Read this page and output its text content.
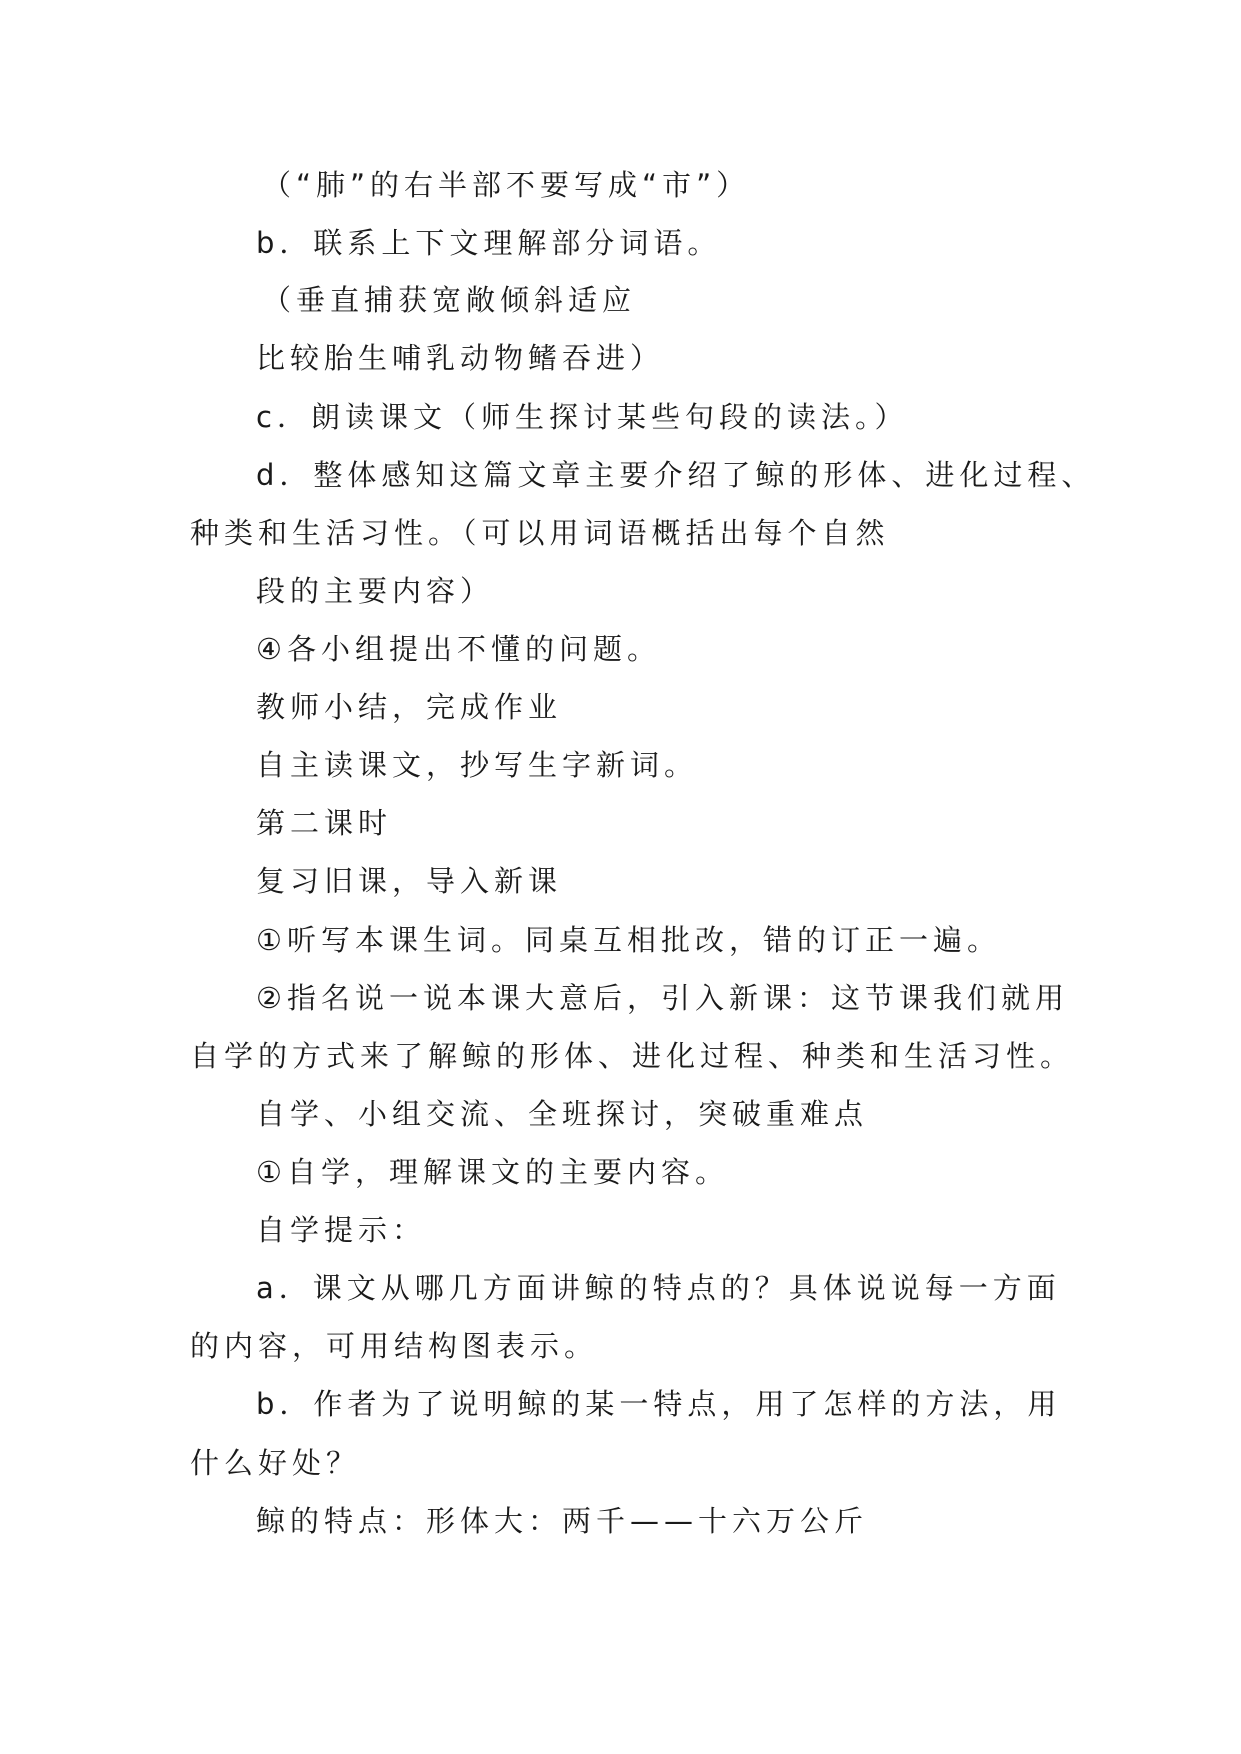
（“肺”的右半部不要写成“市”）

b．联系上下文理解部分词语。

（垂直捕获宽敞倾斜适应

比较胎生哺乳动物鳍吞进）

c．朗读课文（师生探讨某些句段的读法。）

d．整体感知这篇文章主要介绍了鲸的形体、进化过程、

种类和生活习性。（可以用词语概括出每个自然

段的主要内容）

④各小组提出不懂的问题。

教师小结，完成作业

自主读课文，抄写生字新词。

第二课时

复习旧课，导入新课

①听写本课生词。同桌互相批改，错的订正一遍。

②指名说一说本课大意后，引入新课：这节课我们就用

自学的方式来了解鲸的形体、进化过程、种类和生活习性。

自学、小组交流、全班探讨，突破重难点

①自学，理解课文的主要内容。

自学提示：

a．课文从哪几方面讲鲸的特点的？具体说说每一方面

的内容，可用结构图表示。

b．作者为了说明鲸的某一特点，用了怎样的方法，用

什么好处？

鲸的特点：形体大：两千——十六万公斤
